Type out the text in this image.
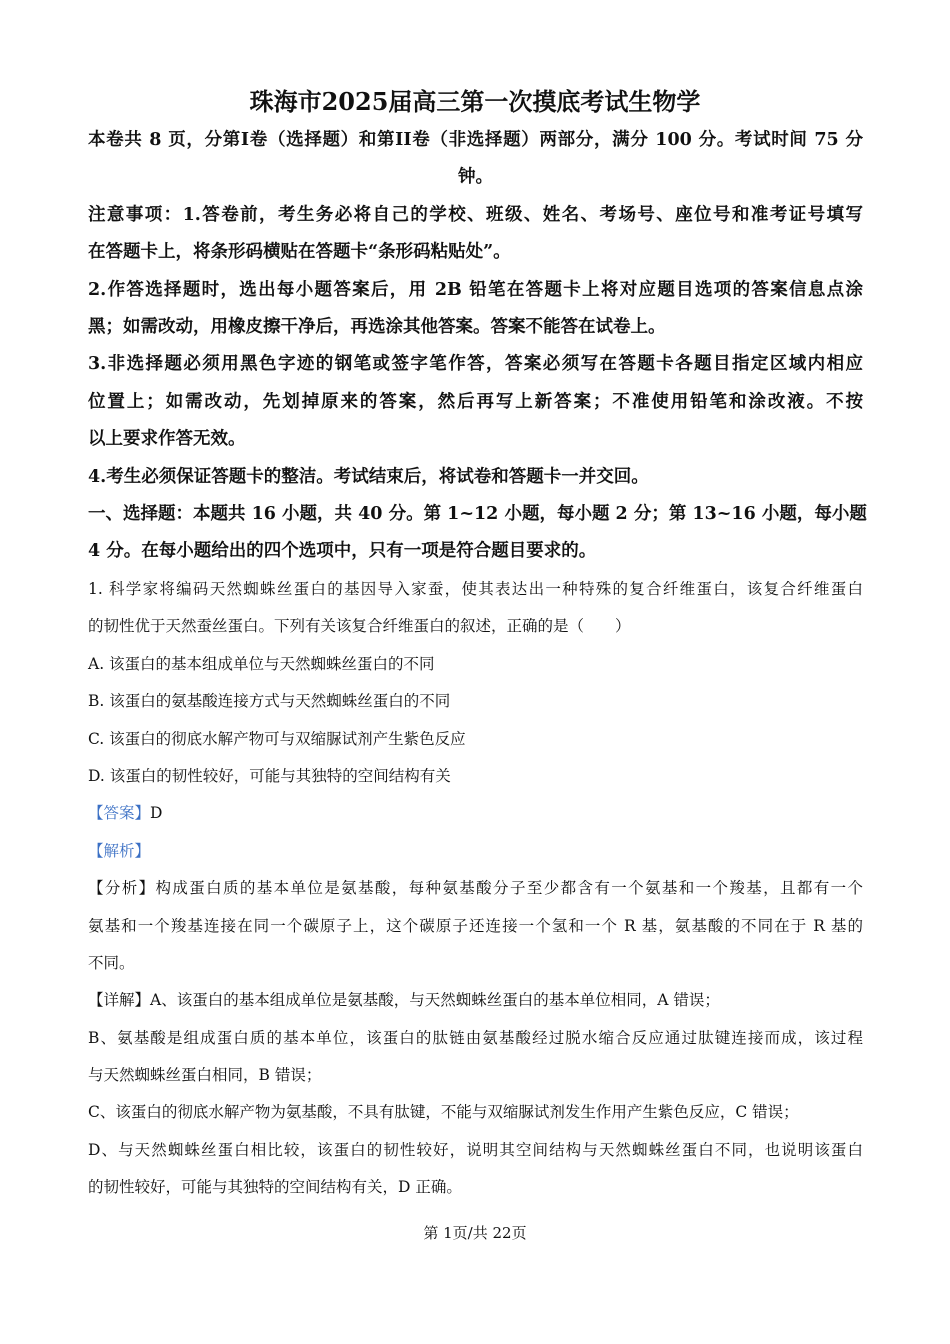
珠海市2025届高三第一次摸底考试生物学
本卷共 8 页，分第I卷（选择题）和第II卷（非选择题）两部分，满分 100 分。考试时间 75 分
钟。
注意事项：1.答卷前，考生务必将自己的学校、班级、姓名、考场号、座位号和准考证号填写
在答题卡上，将条形码横贴在答题卡“条形码粘贴处”。
2.作答选择题时，选出每小题答案后，用 2B 铅笔在答题卡上将对应题目选项的答案信息点涂
黑；如需改动，用橡皮擦干净后，再选涂其他答案。答案不能答在试卷上。
3.非选择题必须用黑色字迹的钢笔或签字笔作答，答案必须写在答题卡各题目指定区域内相应
位置上；如需改动，先划掉原来的答案，然后再写上新答案；不准使用铅笔和涂改液。不按
以上要求作答无效。
4.考生必须保证答题卡的整洁。考试结束后，将试卷和答题卡一并交回。
一、选择题：本题共 16 小题，共 40 分。第 1~12 小题，每小题 2 分；第 13~16 小题，每小题
4 分。在每小题给出的四个选项中，只有一项是符合题目要求的。
1. 科学家将编码天然蜘蛛丝蛋白的基因导入家蚕，使其表达出一种特殊的复合纤维蛋白，该复合纤维蛋白
的韧性优于天然蚕丝蛋白。下列有关该复合纤维蛋白的叙述，正确的是（　　）
A. 该蛋白的基本组成单位与天然蜘蛛丝蛋白的不同
B. 该蛋白的氨基酸连接方式与天然蜘蛛丝蛋白的不同
C. 该蛋白的彻底水解产物可与双缩脲试剂产生紫色反应
D. 该蛋白的韧性较好，可能与其独特的空间结构有关
【答案】D
【解析】
【分析】构成蛋白质的基本单位是氨基酸，每种氨基酸分子至少都含有一个氨基和一个羧基，且都有一个
氨基和一个羧基连接在同一个碳原子上，这个碳原子还连接一个氢和一个 R 基，氨基酸的不同在于 R 基的
不同。
【详解】A、该蛋白的基本组成单位是氨基酸，与天然蜘蛛丝蛋白的基本单位相同，A 错误；
B、氨基酸是组成蛋白质的基本单位，该蛋白的肽链由氨基酸经过脱水缩合反应通过肽键连接而成，该过程
与天然蜘蛛丝蛋白相同，B 错误；
C、该蛋白的彻底水解产物为氨基酸，不具有肽键，不能与双缩脲试剂发生作用产生紫色反应，C 错误；
D、与天然蜘蛛丝蛋白相比较，该蛋白的韧性较好，说明其空间结构与天然蜘蛛丝蛋白不同，也说明该蛋白
的韧性较好，可能与其独特的空间结构有关，D 正确。
第 1页/共 22页
